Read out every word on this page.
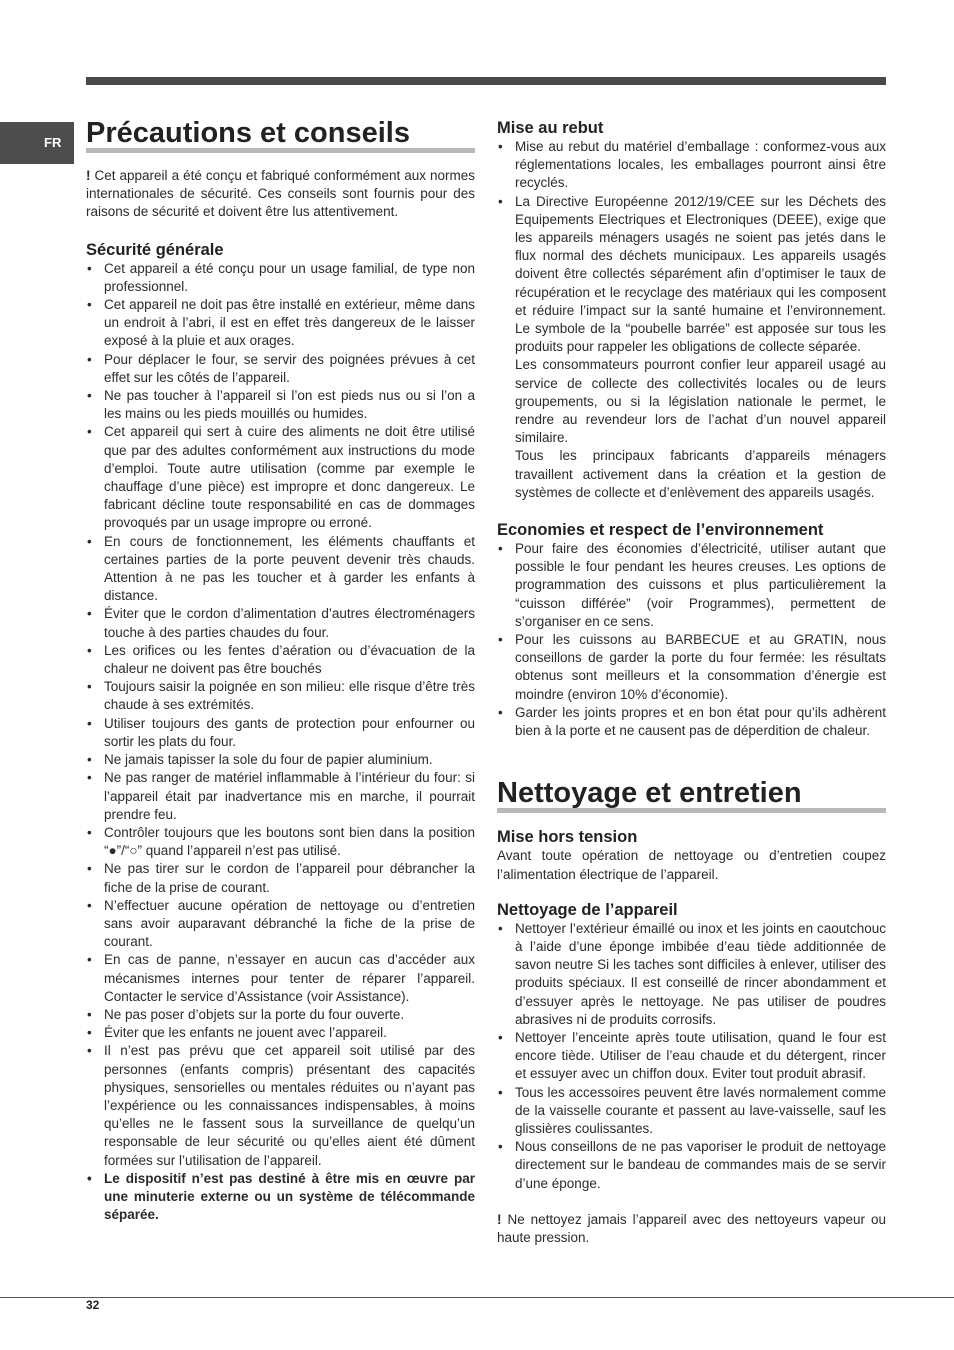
FR Précautions et conseils

! Cet appareil a été conçu et fabriqué conformément aux normes internationales de sécurité. Ces conseils sont fournis pour des raisons de sécurité et doivent être lus attentivement.

Sécurité générale
• Cet appareil a été conçu pour un usage familial, de type non professionnel.
• Cet appareil ne doit pas être installé en extérieur, même dans un endroit à l’abri, il est en effet très dangereux de le laisser exposé à la pluie et aux orages.
• Pour déplacer le four, se servir des poignées prévues à cet effet sur les côtés de l’appareil.
• Ne pas toucher à l’appareil si l’on est pieds nus ou si l’on a les mains ou les pieds mouillés ou humides.
• Cet appareil qui sert à cuire des aliments ne doit être utilisé que par des adultes conformément aux instructions du mode d’emploi. Toute autre utilisation (comme par exemple le chauffage d’une pièce) est impropre et donc dangereux. Le fabricant décline toute responsabilité en cas de dommages provoqués par un usage impropre ou erroné.
• En cours de fonctionnement, les éléments chauffants et certaines parties de la porte peuvent devenir très chauds. Attention à ne pas les toucher et à garder les enfants à distance.
• Éviter que le cordon d’alimentation d’autres électroménagers touche à des parties chaudes du four.
• Les orifices ou les fentes d’aération ou d’évacuation de la chaleur ne doivent pas être bouchés
• Toujours saisir la poignée en son milieu: elle risque d’être très chaude à ses extrémités.
• Utiliser toujours des gants de protection pour enfourner ou sortir les plats du four.
• Ne jamais tapisser la sole du four de papier aluminium.
• Ne pas ranger de matériel inflammable à l’intérieur du four: si l’appareil était par inadvertance mis en marche, il pourrait prendre feu.
• Contrôler toujours que les boutons sont bien dans la position “●”/“○” quand l’appareil n’est pas utilisé.
• Ne pas tirer sur le cordon de l’appareil pour débrancher la fiche de la prise de courant.
• N’effectuer aucune opération de nettoyage ou d’entretien sans avoir auparavant débranché la fiche de la prise de courant.
• En cas de panne, n’essayer en aucun cas d’accéder aux mécanismes internes pour tenter de réparer l’appareil. Contacter le service d’Assistance (voir Assistance).
• Ne pas poser d’objets sur la porte du four ouverte.
• Éviter que les enfants ne jouent avec l’appareil.
• Il n’est pas prévu que cet appareil soit utilisé par des personnes (enfants compris) présentant des capacités physiques, sensorielles ou mentales réduites ou n’ayant pas l’expérience ou les connaissances indispensables, à moins qu’elles ne le fassent sous la surveillance de quelqu’un responsable de leur sécurité ou qu’elles aient été dûment formées sur l’utilisation de l’appareil.
• Le dispositif n’est pas destiné à être mis en œuvre par une minuterie externe ou un système de télécommande séparée.
Mise au rebut
• Mise au rebut du matériel d’emballage : conformez-vous aux réglementations locales, les emballages pourront ainsi être recyclés.
• La Directive Européenne 2012/19/CEE sur les Déchets des Equipements Electriques et Electroniques (DEEE), exige que les appareils ménagers usagés ne soient pas jetés dans le flux normal des déchets municipaux. Les appareils usagés doivent être collectés séparément afin d’optimiser le taux de récupération et le recyclage des matériaux qui les composent et réduire l’impact sur la santé humaine et l’environnement. Le symbole de la “poubelle barrée” est apposée sur tous les produits pour rappeler les obligations de collecte séparée.
Les consommateurs pourront confier leur appareil usagé au service de collecte des collectivités locales ou de leurs groupements, ou si la législation nationale le permet, le rendre au revendeur lors de l’achat d’un nouvel appareil similaire.
Tous les principaux fabricants d’appareils ménagers travaillent activement dans la création et la gestion de systèmes de collecte et d’enlèvement des appareils usagés.
Economies et respect de l’environnement
• Pour faire des économies d’électricité, utiliser autant que possible le four pendant les heures creuses. Les options de programmation des cuissons et plus particulièrement la “cuisson différée” (voir Programmes), permettent de s’organiser en ce sens.
• Pour les cuissons au BARBECUE et au GRATIN, nous conseillons de garder la porte du four fermée: les résultats obtenus sont meilleurs et la consommation d’énergie est moindre (environ 10% d’économie).
• Garder les joints propres et en bon état pour qu’ils adhèrent bien à la porte et ne causent pas de déperdition de chaleur.
Nettoyage et entretien
Mise hors tension

Avant toute opération de nettoyage ou d’entretien coupez l’alimentation électrique de l’appareil.

Nettoyage de l’appareil
• Nettoyer l’extérieur émaillé ou inox et les joints en caoutchouc à l’aide d’une éponge imbibée d’eau tiède additionnée de savon neutre Si les taches sont difficiles à enlever, utiliser des produits spéciaux. Il est conseillé de rincer abondamment et d’essuyer après le nettoyage. Ne pas utiliser de poudres abrasives ni de produits corrosifs.
• Nettoyer l’enceinte après toute utilisation, quand le four est encore tiède. Utiliser de l’eau chaude et du détergent, rincer et essuyer avec un chiffon doux. Eviter tout produit abrasif.
• Tous les accessoires peuvent être lavés normalement comme de la vaisselle courante et passent au lave-vaisselle, sauf les glissières coulissantes.
• Nous conseillons de ne pas vaporiser le produit de nettoyage directement sur le bandeau de commandes mais de se servir d’une éponge.

! Ne nettoyez jamais l’appareil avec des nettoyeurs vapeur ou haute pression.

32
